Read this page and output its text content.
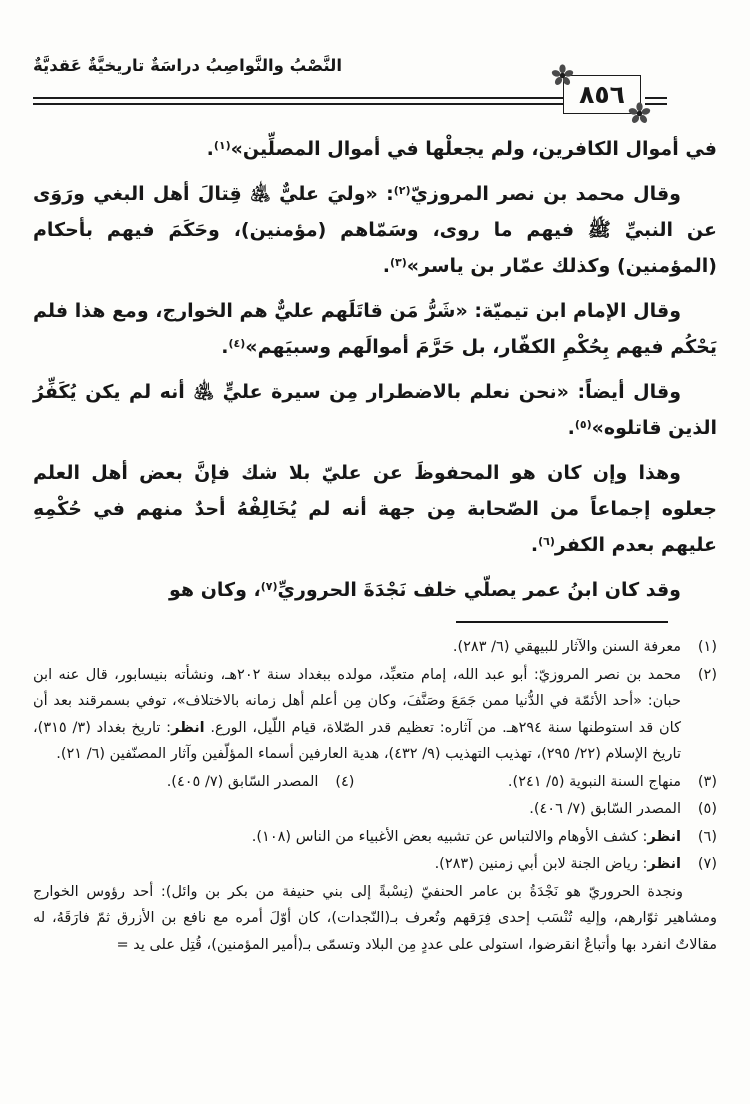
النَّصْبُ والنَّواصِبُ دراسَةٌ تاريخيَّةٌ عَقديَّةٌ
٨٥٦

في أموال الكافرين، ولم يجعلْها في أموال المصلِّين»$^{(١)}$.

وقال محمد بن نصر المروزيّ$^{(٢)}$: «وليَ عليٌّ ﵁ قِتالَ أهل البغي ورَوَى عن النبيِّ ﷺ فيهم ما روى، وسَمّاهم (مؤمنين)، وحَكَمَ فيهم بأحكام (المؤمنين) وكذلك عمّار بن ياسر»$^{(٣)}$.

وقال الإمام ابن تيميّة: «شَرُّ مَن قاتَلَهم عليٌّ هم الخوارج، ومع هذا فلم يَحْكُم فيهم بِحُكْمِ الكفّار، بل حَرَّمَ أموالَهم وسبيَهم»$^{(٤)}$.

وقال أيضاً: «نحن نعلم بالاضطرار مِن سيرة عليٍّ ﵁ أنه لم يكن يُكَفِّرُ الذين قاتلوه»$^{(٥)}$.

وهذا وإن كان هو المحفوظَ عن عليّ بلا شك فإنَّ بعض أهل العلم جعلوه إجماعاً من الصّحابة مِن جهة أنه لم يُخَالِفْهُ أحدٌ منهم في حُكْمِهِ عليهم بعدم الكفر$^{(٦)}$.

وقد كان ابنُ عمر يصلّي خلف نَجْدَةَ الحروريِّ$^{(٧)}$، وكان هو

(١)
معرفة السنن والآثار للبيهقي (٦/ ٢٨٣).
(٢)
محمد بن نصر المروزيّ: أبو عبد الله، إمام متعبِّد، مولده ببغداد سنة ٢٠٢هـ، ونشأته بنيسابور، قال عنه ابن حبان: «أحد الأئمّة في الدُّنيا ممن جَمَعَ وصَنَّفَ، وكان مِن أعلم أهل زمانه بالاختلاف»، توفي بسمرقند بعد أن كان قد استوطنها سنة ٢٩٤هـ. من آثاره: تعظيم قدر الصّلاة، قيام اللّيل، الورع. انظر: تاريخ بغداد (٣/ ٣١٥)، تاريخ الإسلام (٢٢/ ٢٩٥)، تهذيب التهذيب (٩/ ٤٣٢)، هدية العارفين أسماء المؤلّفين وآثار المصنّفين (٦/ ٢١).
(٣)
منهاج السنة النبوية (٥/ ٢٤١).
(٤)
المصدر السّابق (٧/ ٤٠٥).
(٥)
المصدر السّابق (٧/ ٤٠٦).
(٦)
انظر: كشف الأوهام والالتباس عن تشبيه بعض الأغبياء من الناس (١٠٨).
(٧)
انظر: رياض الجنة لابن أبي زمنين (٢٨٣).

ونجدة الحروريّ هو نَجْدَةُ بن عامر الحنفيّ (نِسْبةً إلى بني حنيفة من بكر بن وائل): أحد رؤوس الخوارج ومشاهير ثوّارهم، وإليه تُنْسَب إحدى فِرَقهم وتُعرف بـ(النّجدات)، كان أوّلَ أمره مع نافع بن الأزرق ثمّ فارَقَهُ، له مقالاتٌ انفرد بها وأتباعٌ انقرضوا، استولى على عددٍ مِن البلاد وتسمّى بـ(أمير المؤمنين)، قُتِل على يد =
